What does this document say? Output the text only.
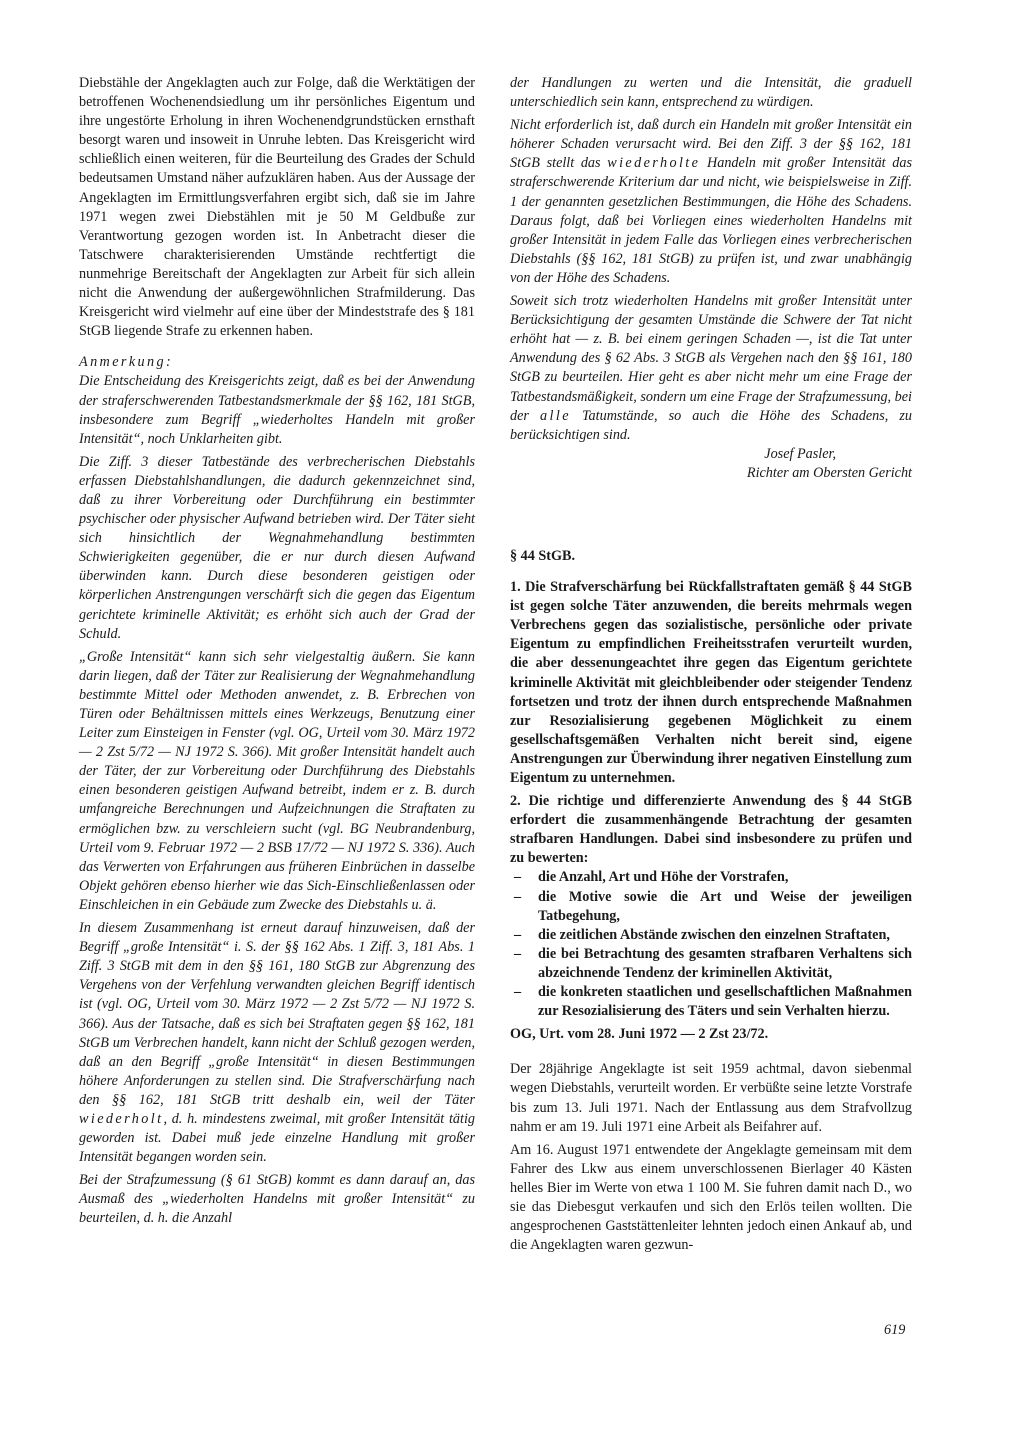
Diebstähle der Angeklagten auch zur Folge, daß die Werktätigen der betroffenen Wochenendsiedlung um ihr persönliches Eigentum und ihre ungestörte Erholung in ihren Wochenendgrundstücken ernsthaft besorgt waren und insoweit in Unruhe lebten. Das Kreisgericht wird schließlich einen weiteren, für die Beurteilung des Grades der Schuld bedeutsamen Umstand näher aufzuklären haben. Aus der Aussage der Angeklagten im Ermittlungsverfahren ergibt sich, daß sie im Jahre 1971 wegen zwei Diebstählen mit je 50 M Geldbuße zur Verantwortung gezogen worden ist. In Anbetracht dieser die Tatschwere charakterisierenden Umstände rechtfertigt die nunmehrige Bereitschaft der Angeklagten zur Arbeit für sich allein nicht die Anwendung der außergewöhnlichen Strafmilderung. Das Kreisgericht wird vielmehr auf eine über der Mindeststrafe des § 181 StGB liegende Strafe zu erkennen haben.

Anmerkung:

Die Entscheidung des Kreisgerichts zeigt, daß es bei der Anwendung der straferschwerenden Tatbestandsmerkmale der §§ 162, 181 StGB, insbesondere zum Begriff „wiederholtes Handeln mit großer Intensität“, noch Unklarheiten gibt.

Die Ziff. 3 dieser Tatbestände des verbrecherischen Diebstahls erfassen Diebstahlshandlungen, die dadurch gekennzeichnet sind, daß zu ihrer Vorbereitung oder Durchführung ein bestimmter psychischer oder physischer Aufwand betrieben wird. Der Täter sieht sich hinsichtlich der Wegnahmehandlung bestimmten Schwierigkeiten gegenüber, die er nur durch diesen Aufwand überwinden kann. Durch diese besonderen geistigen oder körperlichen Anstrengungen verschärft sich die gegen das Eigentum gerichtete kriminelle Aktivität; es erhöht sich auch der Grad der Schuld.

„Große Intensität“ kann sich sehr vielgestaltig äußern. Sie kann darin liegen, daß der Täter zur Realisierung der Wegnahmehandlung bestimmte Mittel oder Methoden anwendet, z. B. Erbrechen von Türen oder Behältnissen mittels eines Werkzeugs, Benutzung einer Leiter zum Einsteigen in Fenster (vgl. OG, Urteil vom 30. März 1972 — 2 Zst 5/72 — NJ 1972 S. 366). Mit großer Intensität handelt auch der Täter, der zur Vorbereitung oder Durchführung des Diebstahls einen besonderen geistigen Aufwand betreibt, indem er z. B. durch umfangreiche Berechnungen und Aufzeichnungen die Straftaten zu ermöglichen bzw. zu verschleiern sucht (vgl. BG Neubrandenburg, Urteil vom 9. Februar 1972 — 2 BSB 17/72 — NJ 1972 S. 336). Auch das Verwerten von Erfahrungen aus früheren Einbrüchen in dasselbe Objekt gehören ebenso hierher wie das Sich-Einschließenlassen oder Einschleichen in ein Gebäude zum Zwecke des Diebstahls u. ä.

In diesem Zusammenhang ist erneut darauf hinzuweisen, daß der Begriff „große Intensität“ i. S. der §§ 162 Abs. 1 Ziff. 3, 181 Abs. 1 Ziff. 3 StGB mit dem in den §§ 161, 180 StGB zur Abgrenzung des Vergehens von der Verfehlung verwandten gleichen Begriff identisch ist (vgl. OG, Urteil vom 30. März 1972 — 2 Zst 5/72 — NJ 1972 S. 366). Aus der Tatsache, daß es sich bei Straftaten gegen §§ 162, 181 StGB um Verbrechen handelt, kann nicht der Schluß gezogen werden, daß an den Begriff „große Intensität“ in diesen Bestimmungen höhere Anforderungen zu stellen sind. Die Strafverschärfung nach den §§ 162, 181 StGB tritt deshalb ein, weil der Täter wiederholt, d. h. mindestens zweimal, mit großer Intensität tätig geworden ist. Dabei muß jede einzelne Handlung mit großer Intensität begangen worden sein.

Bei der Strafzumessung (§ 61 StGB) kommt es dann darauf an, das Ausmaß des „wiederholten Handelns mit großer Intensität“ zu beurteilen, d. h. die Anzahl

der Handlungen zu werten und die Intensität, die graduell unterschiedlich sein kann, entsprechend zu würdigen.

Nicht erforderlich ist, daß durch ein Handeln mit großer Intensität ein höherer Schaden verursacht wird. Bei den Ziff. 3 der §§ 162, 181 StGB stellt das wiederholte Handeln mit großer Intensität das straferschwerende Kriterium dar und nicht, wie beispielsweise in Ziff. 1 der genannten gesetzlichen Bestimmungen, die Höhe des Schadens. Daraus folgt, daß bei Vorliegen eines wiederholten Handelns mit großer Intensität in jedem Falle das Vorliegen eines verbrecherischen Diebstahls (§§ 162, 181 StGB) zu prüfen ist, und zwar unabhängig von der Höhe des Schadens.

Soweit sich trotz wiederholten Handelns mit großer Intensität unter Berücksichtigung der gesamten Umstände die Schwere der Tat nicht erhöht hat — z. B. bei einem geringen Schaden —, ist die Tat unter Anwendung des § 62 Abs. 3 StGB als Vergehen nach den §§ 161, 180 StGB zu beurteilen. Hier geht es aber nicht mehr um eine Frage der Tatbestandsmäßigkeit, sondern um eine Frage der Strafzumessung, bei der alle Tatumstände, so auch die Höhe des Schadens, zu berücksichtigen sind.

Josef Pasler,
Richter am Obersten Gericht

§ 44 StGB.

1. Die Strafverschärfung bei Rückfallstraftaten gemäß § 44 StGB ist gegen solche Täter anzuwenden, die bereits mehrmals wegen Verbrechens gegen das sozialistische, persönliche oder private Eigentum zu empfindlichen Freiheitsstrafen verurteilt wurden, die aber dessenungeachtet ihre gegen das Eigentum gerichtete kriminelle Aktivität mit gleichbleibender oder steigender Tendenz fortsetzen und trotz der ihnen durch entsprechende Maßnahmen zur Resozialisierung gegebenen Möglichkeit zu einem gesellschaftsgemäßen Verhalten nicht bereit sind, eigene Anstrengungen zur Überwindung ihrer negativen Einstellung zum Eigentum zu unternehmen.

2. Die richtige und differenzierte Anwendung des § 44 StGB erfordert die zusammenhängende Betrachtung der gesamten strafbaren Handlungen. Dabei sind insbesondere zu prüfen und zu bewerten:

– die Anzahl, Art und Höhe der Vorstrafen,
– die Motive sowie die Art und Weise der jeweiligen Tatbegehung,
– die zeitlichen Abstände zwischen den einzelnen Straftaten,
– die bei Betrachtung des gesamten strafbaren Verhaltens sich abzeichnende Tendenz der kriminellen Aktivität,
– die konkreten staatlichen und gesellschaftlichen Maßnahmen zur Resozialisierung des Täters und sein Verhalten hierzu.

OG, Urt. vom 28. Juni 1972 — 2 Zst 23/72.

Der 28jährige Angeklagte ist seit 1959 achtmal, davon siebenmal wegen Diebstahls, verurteilt worden. Er verbüßte seine letzte Vorstrafe bis zum 13. Juli 1971. Nach der Entlassung aus dem Strafvollzug nahm er am 19. Juli 1971 eine Arbeit als Beifahrer auf.

Am 16. August 1971 entwendete der Angeklagte gemeinsam mit dem Fahrer des Lkw aus einem unverschlossenen Bierlager 40 Kästen helles Bier im Werte von etwa 1 100 M. Sie fuhren damit nach D., wo sie das Diebesgut verkaufen und sich den Erlös teilen wollten. Die angesprochenen Gaststättenleiter lehnten jedoch einen Ankauf ab, und die Angeklagten waren gezwun-

619
